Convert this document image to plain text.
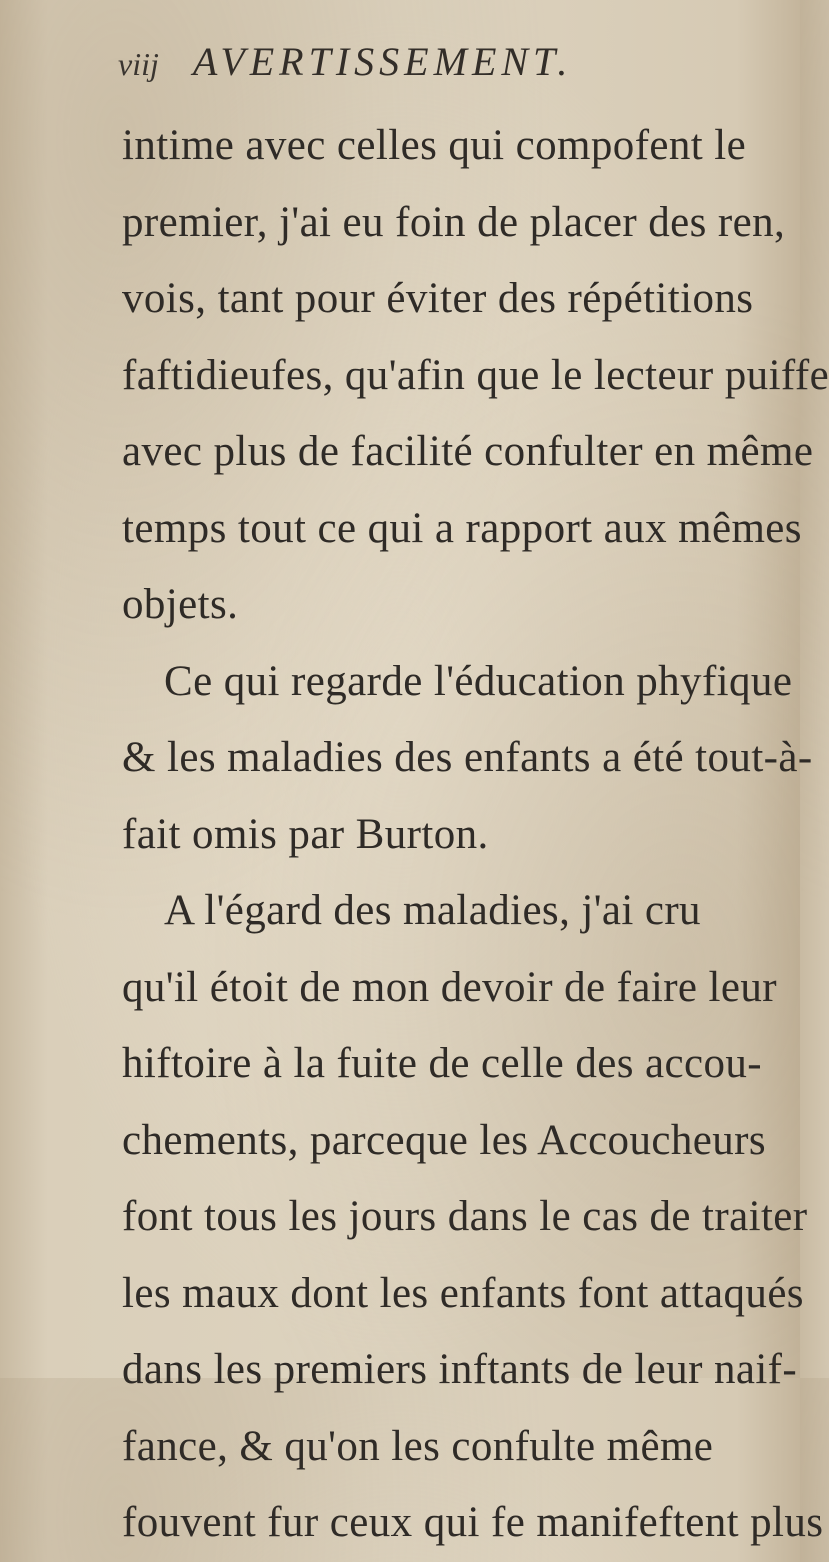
viij AVERTISSEMENT.
intime avec celles qui compofent le
premier, j'ai eu foin de placer des ren,
vois, tant pour éviter des répétitions
faftidieufes, qu'afin que le lecteur puiffe
avec plus de facilité confulter en même
temps tout ce qui a rapport aux mêmes
objets.
Ce qui regarde l'éducation phyfique
& les maladies des enfants a été tout-à-
fait omis par Burton.
A l'égard des maladies, j'ai cru
qu'il étoit de mon devoir de faire leur
hiftoire à la fuite de celle des accou-
chements, parceque les Accoucheurs
font tous les jours dans le cas de traiter
les maux dont les enfants font attaqués
dans les premiers inftants de leur naif-
fance, & qu'on les confulte même
fouvent fur ceux qui fe manifeftent plus
